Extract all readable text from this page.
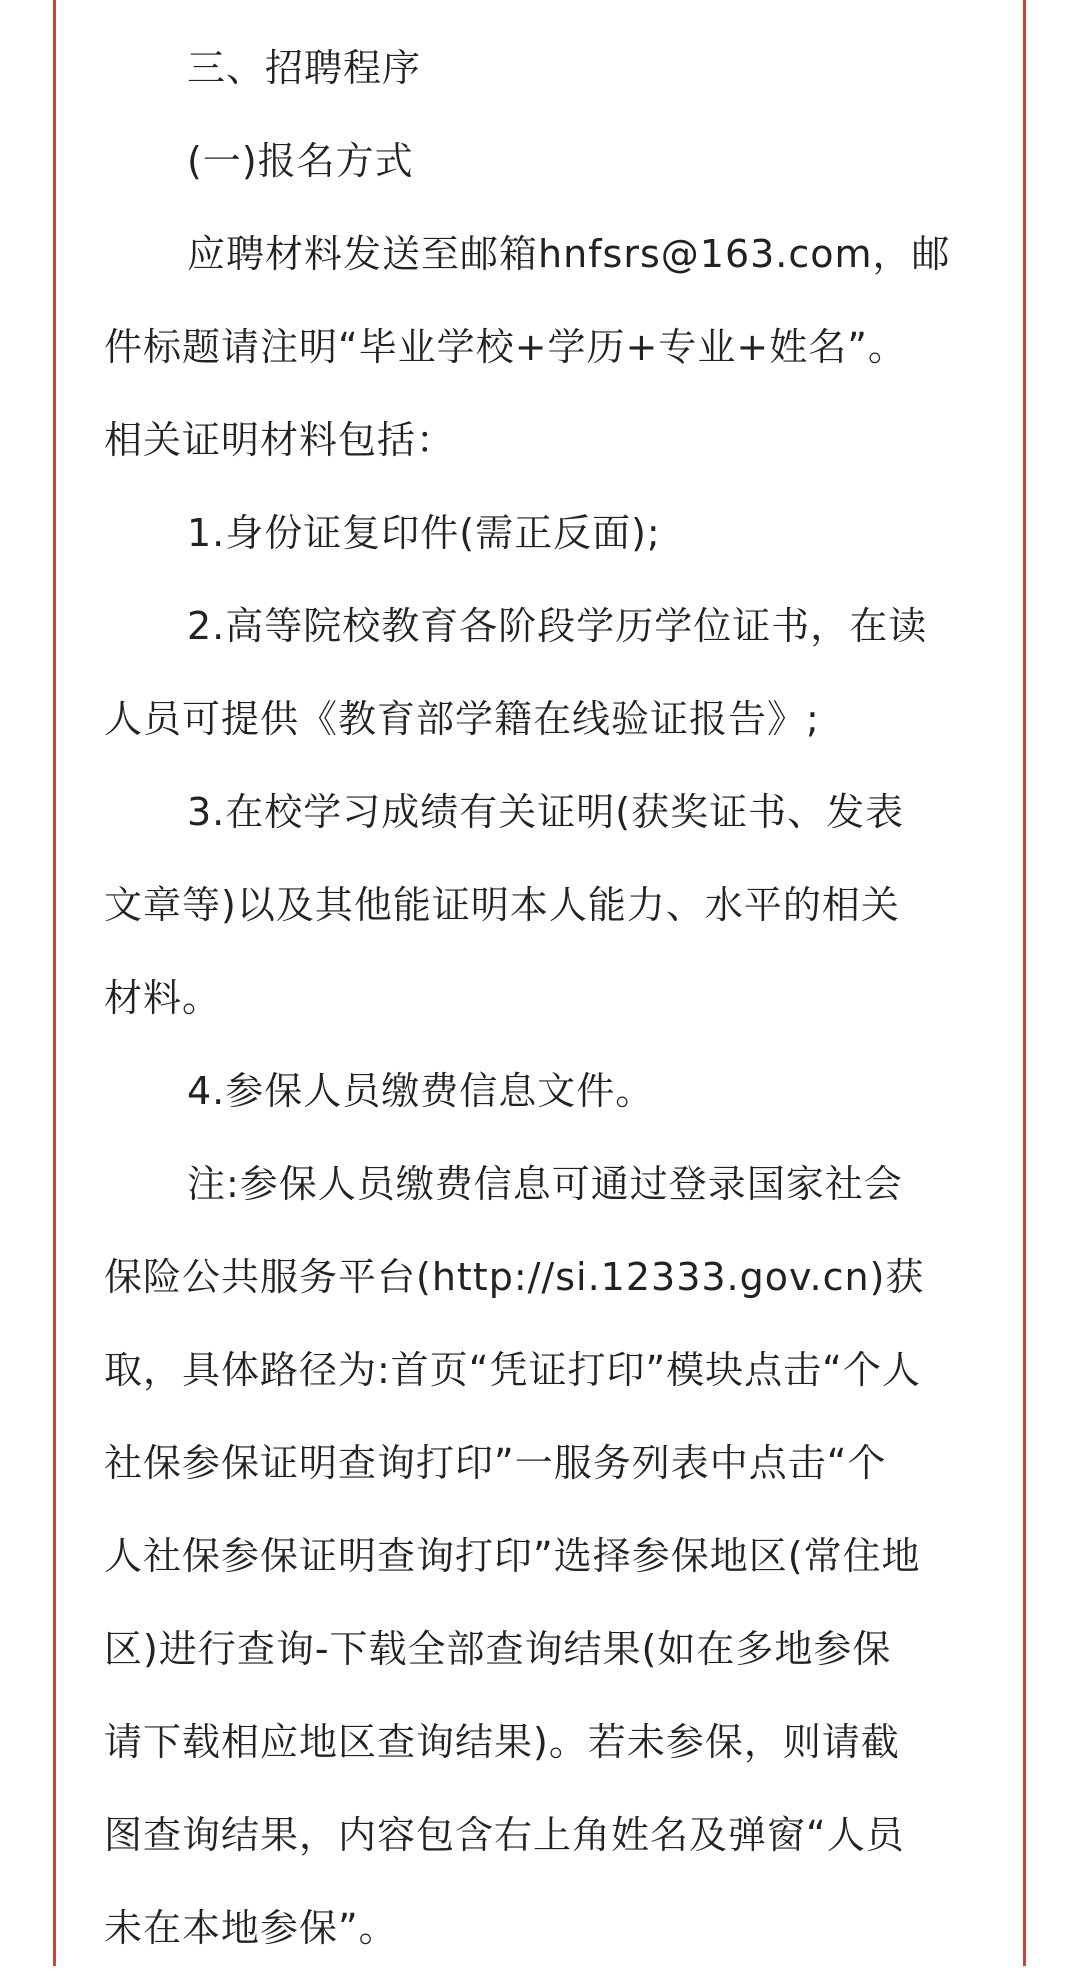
三、招聘程序
(一)报名方式
应聘材料发送至邮箱hnfsrs@163.com，邮
件标题请注明“毕业学校+学历+专业+姓名”。
相关证明材料包括：
1.身份证复印件(需正反面);
2.高等院校教育各阶段学历学位证书，在读
人员可提供《教育部学籍在线验证报告》;
3.在校学习成绩有关证明(获奖证书、发表
文章等)以及其他能证明本人能力、水平的相关
材料。
4.参保人员缴费信息文件。
注:参保人员缴费信息可通过登录国家社会
保险公共服务平台(http://si.12333.gov.cn)获
取，具体路径为:首页“凭证打印”模块点击“个人
社保参保证明查询打印”一服务列表中点击“个
人社保参保证明查询打印”选择参保地区(常住地
区)进行查询-下载全部查询结果(如在多地参保
请下载相应地区查询结果)。若未参保，则请截
图查询结果，内容包含右上角姓名及弹窗“人员
未在本地参保”。
